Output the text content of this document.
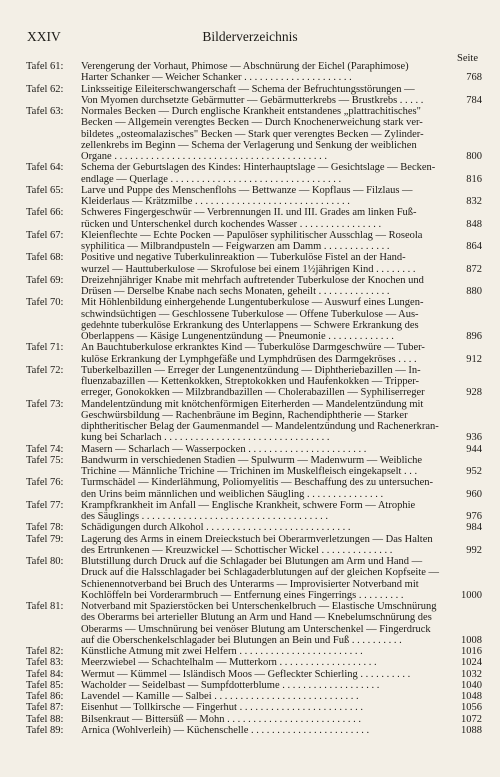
XXIV	Bilderverzeichnis
Seite
Tafel 61:	Verengerung der Vorhaut, Phimose — Abschnürung der Eichel (Paraphimose)
Harter Schanker — Weicher Schanker . . . . . . . . . . . . . . . . . . . . .	768
Tafel 62:	Linksseitige Eileiterschwangerschaft — Schema der Befruchtungsstörungen —
Von Myomen durchsetzte Gebärmutter — Gebärmutterkrebs — Brustkrebs . . . . .	784
Tafel 63:	Normales Becken — Durch englische Krankheit entstandenes „plattrachitisches"
Becken — Allgemein verengtes Becken — Durch Knochenerweichung stark ver-
bildetes „osteomalazisches" Becken — Stark quer verengtes Becken — Zylinder-
zellenkrebs im Beginn — Schema der Verlagerung und Senkung der weiblichen
Organe . . . . . . . . . . . . . . . . . . . . . . . . . . . . . . . . . . . . . . . . .	800
Tafel 64:	Schema der Geburtslagen des Kindes: Hinterhauptslage — Gesichtslage — Becken-
endlage — Querlage . . . . . . . . . . . . . . . . . . . . . . . . . . . . . . . . .	816
Tafel 65:	Larve und Puppe des Menschenflohs — Bettwanze — Kopflaus — Filzlaus —
Kleiderlaus — Krätzmilbe . . . . . . . . . . . . . . . . . . . . . . . . . . . . . .	832
Tafel 66:	Schweres Fingergeschwür — Verbrennungen II. und III. Grades am linken Fuß-
rücken und Unterschenkel durch kochendes Wasser . . . . . . . . . . . . . . . .	848
Tafel 67:	Kleienflechte — Echte Pocken — Papulöser syphilitischer Ausschlag — Roseola
syphilitica — Milbrandpusteln — Feigwarzen am Damm . . . . . . . . . . . . .	864
Tafel 68:	Positive und negative Tuberkulinreaktion — Tuberkulöse Fistel an der Hand-
wurzel — Hauttuberkulose — Skrofulose bei einem 1½jährigen Kind . . . . . . . .	872
Tafel 69:	Dreizehnjähriger Knabe mit mehrfach auftretender Tuberkulose der Knochen und
Drüsen — Derselbe Knabe nach sechs Monaten, geheilt . . . . . . . . . . . . . .	880
Tafel 70:	Mit Höhlenbildung einhergehende Lungentuberkulose — Auswurf eines Lungen-
schwindsüchtigen — Geschlossene Tuberkulose — Offene Tuberkulose — Aus-
gedehnte tuberkulöse Erkrankung des Unterlappens — Schwere Erkrankung des
Oberlappens — Käsige Lungenentzündung — Pneumonie . . . . . . . . . . . . .	896
Tafel 71:	An Bauchtuberkulose erkranktes Kind — Tuberkulöse Darmgeschwüre — Tuber-
kulöse Erkrankung der Lymphgefäße und Lymphdrüsen des Darmgekröses . . . .	912
Tafel 72:	Tuberkelbazillen — Erreger der Lungenentzündung — Diphtheriebazillen — In-
fluenzabazillen — Kettenkokken, Streptokokken und Haufenkokken — Tripper-
erreger, Gonokokken — Milzbrandbazillen — Cholerabazillen — Syphiliserreger	928
Tafel 73:	Mandelentzündung mit knötchenförmigen Eiterherden — Mandelentzündung mit
Geschwürsbildung — Rachenbräune im Beginn, Rachendiphtherie — Starker
diphtheritischer Belag der Gaumenmandel — Mandelentzündung und Rachenerkran-
kung bei Scharlach . . . . . . . . . . . . . . . . . . . . . . . . . . . . . . . .	936
Tafel 74:	Masern — Scharlach — Wasserpocken . . . . . . . . . . . . . . . . . . . . . . .	944
Tafel 75:	Bandwurm in verschiedenen Stadien — Spulwurm — Madenwurm — Weibliche
Trichine — Männliche Trichine — Trichinen im Muskelfleisch eingekapselt . . .	952
Tafel 76:	Turmschädel — Kinderlähmung, Poliomyelitis — Beschaffung des zu untersuchen-
den Urins beim männlichen und weiblichen Säugling . . . . . . . . . . . . . . .	960
Tafel 77:	Krampfkrankheit im Anfall — Englische Krankheit, schwere Form — Atrophie
des Säuglings . . . . . . . . . . . . . . . . . . . . . . . . . . . . . . . . . . . .	976
Tafel 78:	Schädigungen durch Alkohol . . . . . . . . . . . . . . . . . . . . . . . . . . . .	984
Tafel 79:	Lagerung des Arms in einem Dreieckstuch bei Oberarmverletzungen — Das Halten
des Ertrunkenen — Kreuzwickel — Schottischer Wickel . . . . . . . . . . . . . .	992
Tafel 80:	Blutstillung durch Druck auf die Schlagader bei Blutungen am Arm und Hand —
Druck auf die Halsschlagader bei Schlagaderblutungen auf der gleichen Kopfseite —
Schienennotverband bei Bruch des Unterarms — Improvisierter Notverband mit
Kochlöffeln bei Vorderarmbruch — Entfernung eines Fingerrings . . . . . . . . .	1000
Tafel 81:	Notverband mit Spazierstöcken bei Unterschenkelbruch — Elastische Umschnürung
des Oberarms bei arterieller Blutung an Arm und Hand — Knebelumschnürung des
Oberarms — Umschnürung bei venöser Blutung am Unterschenkel — Fingerdruck
auf die Oberschenkelschlagader bei Blutungen an Bein und Fuß . . . . . . . . . .	1008
Tafel 82:	Künstliche Atmung mit zwei Helfern . . . . . . . . . . . . . . . . . . . . . . . .	1016
Tafel 83:	Meerzwiebel — Schachtelhalm — Mutterkorn . . . . . . . . . . . . . . . . . . .	1024
Tafel 84:	Wermut — Kümmel — Isländisch Moos — Gefleckter Schierling . . . . . . . . . .	1032
Tafel 85:	Wacholder — Seidelbast — Sumpfdotterblume . . . . . . . . . . . . . . . . . . .	1040
Tafel 86:	Lavendel — Kamille — Salbei . . . . . . . . . . . . . . . . . . . . . . . . . . . .	1048
Tafel 87:	Eisenhut — Tollkirsche — Fingerhut . . . . . . . . . . . . . . . . . . . . . . . .	1056
Tafel 88:	Bilsenkraut — Bittersüß — Mohn . . . . . . . . . . . . . . . . . . . . . . . . . .	1072
Tafel 89:	Arnica (Wohlverleih) — Küchenschelle . . . . . . . . . . . . . . . . . . . . . . .	1088
